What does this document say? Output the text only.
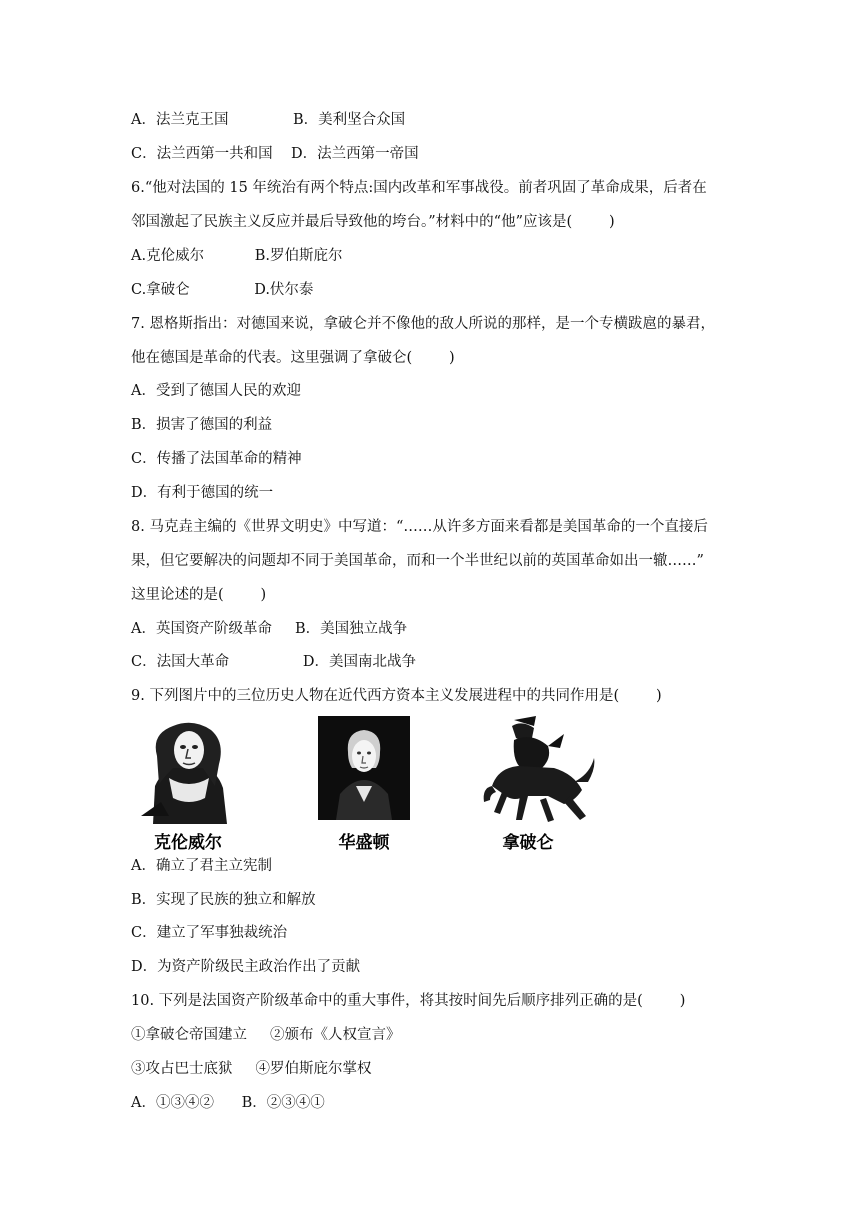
A．法兰克王国              B．美利坚合众国
C．法兰西第一共和国    D．法兰西第一帝国
6.“他对法国的 15 年统治有两个特点:国内改革和军事战役。前者巩固了革命成果，后者在
邻国激起了民族主义反应并最后导致他的垮台。”材料中的“他”应该是(        )
A.克伦威尔           B.罗伯斯庇尔
C.拿破仑              D.伏尔泰
7. 恩格斯指出：对德国来说，拿破仑并不像他的敌人所说的那样，是一个专横跋扈的暴君，
他在德国是革命的代表。这里强调了拿破仑(        )
A．受到了德国人民的欢迎
B．损害了德国的利益
C．传播了法国革命的精神
D．有利于德国的统一
8. 马克垚主编的《世界文明史》中写道：“……从许多方面来看都是美国革命的一个直接后
果，但它要解决的问题却不同于美国革命，而和一个半世纪以前的英国革命如出一辙……”
这里论述的是(        )
A．英国资产阶级革命     B．美国独立战争
C．法国大革命                D．美国南北战争
9. 下列图片中的三位历史人物在近代西方资本主义发展进程中的共同作用是(        )
克伦威尔	华盛顿	拿破仑
A．确立了君主立宪制
B．实现了民族的独立和解放
C．建立了军事独裁统治
D．为资产阶级民主政治作出了贡献
10. 下列是法国资产阶级革命中的重大事件，将其按时间先后顺序排列正确的是(        )
①拿破仑帝国建立     ②颁布《人权宣言》
③攻占巴士底狱     ④罗伯斯庇尔掌权
A．①③④②      B．②③④①
